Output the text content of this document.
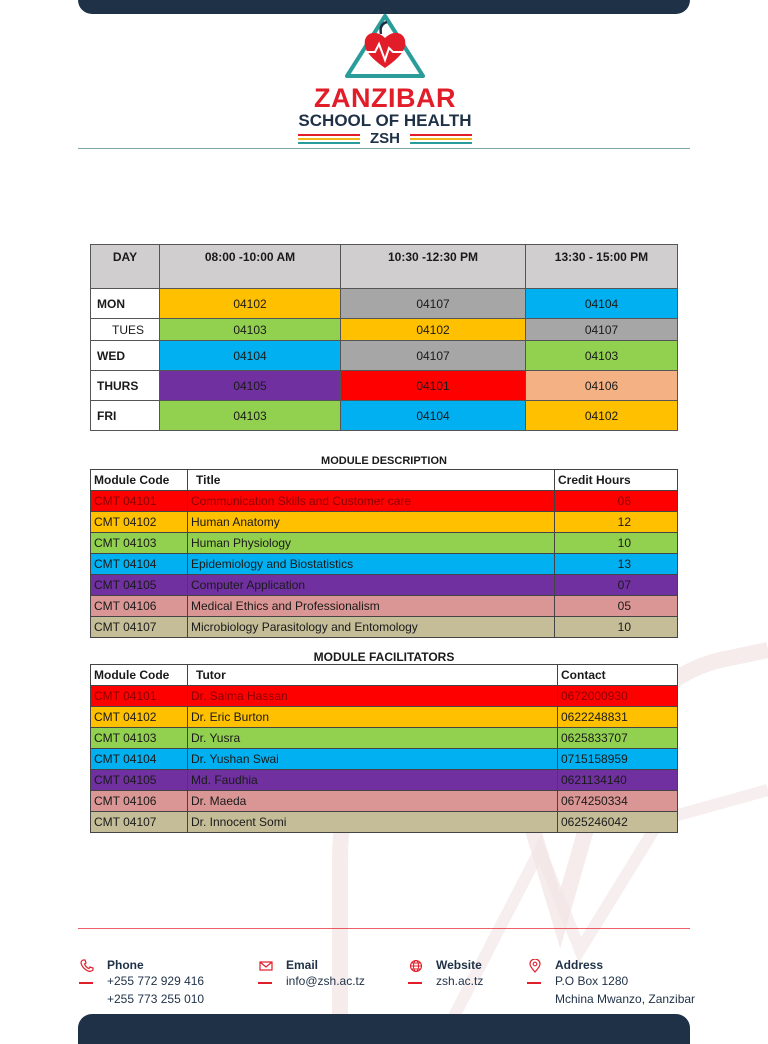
ZANZIBAR
SCHOOL OF HEALTH
ZSH
DAY	08:00 -10:00 AM	10:30 -12:30 PM	13:30 - 15:00 PM
MON	04102	04107	04104
TUES	04103	04102	04107
WED	04104	04107	04103
THURS	04105	04101	04106
FRI	04103	04104	04102
MODULE DESCRIPTION
Module Code	Title	Credit Hours
CMT 04101	Communication Skills and Customer care	06
CMT 04102	Human Anatomy	12
CMT 04103	Human Physiology	10
CMT 04104	Epidemiology and Biostatistics	13
CMT 04105	Computer Application	07
CMT 04106	Medical Ethics and Professionalism	05
CMT 04107	Microbiology Parasitology and Entomology	10
MODULE FACILITATORS
Module Code	Tutor	Contact
CMT 04101	Dr. Salma Hassan	0672000930
CMT 04102	Dr. Eric Burton	0622248831
CMT 04103	Dr. Yusra	0625833707
CMT 04104	Dr. Yushan Swai	0715158959
CMT 04105	Md. Faudhia	0621134140
CMT 04106	Dr. Maeda	0674250334
CMT 04107	Dr. Innocent Somi	0625246042
Phone
+255 772 929 416
+255 773 255 010
Email
info@zsh.ac.tz
Website
zsh.ac.tz
Address
P.O Box 1280
Mchina Mwanzo, Zanzibar
